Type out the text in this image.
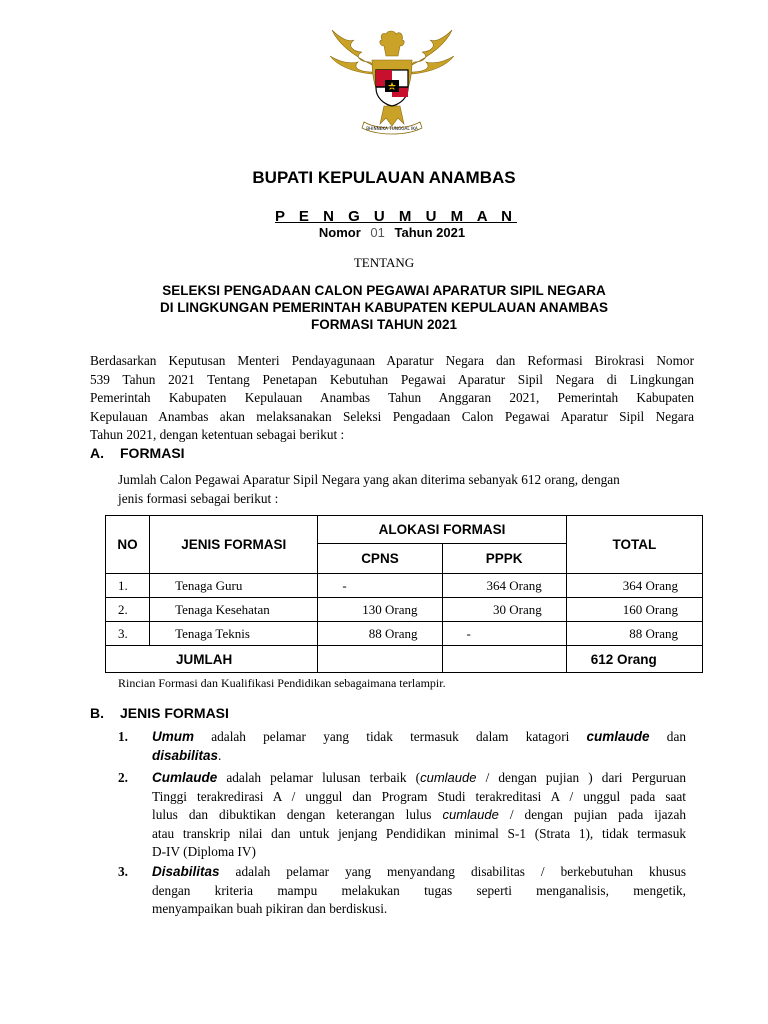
BHINNEKA TUNGGAL IKA
BUPATI KEPULAUAN ANAMBAS
P E N G U M U M A N
Nomor 01 Tahun 2021
TENTANG
SELEKSI PENGADAAN CALON PEGAWAI APARATUR SIPIL NEGARA
DI LINGKUNGAN PEMERINTAH KABUPATEN KEPULAUAN ANAMBAS
FORMASI TAHUN 2021
Berdasarkan Keputusan Menteri Pendayagunaan Aparatur Negara dan Reformasi Birokrasi Nomor
539 Tahun 2021 Tentang Penetapan Kebutuhan Pegawai Aparatur Sipil Negara di Lingkungan
Pemerintah Kabupaten Kepulauan Anambas Tahun Anggaran 2021, Pemerintah Kabupaten
Kepulauan Anambas akan melaksanakan Seleksi Pengadaan Calon Pegawai Aparatur Sipil Negara
Tahun 2021, dengan ketentuan sebagai berikut :
A. FORMASI
Jumlah Calon Pegawai Aparatur Sipil Negara yang akan diterima sebanyak 612 orang, dengan
jenis formasi sebagai berikut :
NO	JENIS FORMASI	ALOKASI FORMASI		TOTAL
		CPNS	PPPK	
1.	Tenaga Guru	-	364 Orang	364 Orang
2.	Tenaga Kesehatan	130 Orang	30 Orang	160 Orang
3.	Tenaga Teknis	88 Orang	-	88 Orang
JUMLAH				612 Orang
Rincian Formasi dan Kualifikasi Pendidikan sebagaimana terlampir.
B. JENIS FORMASI
1. Umum adalah pelamar yang tidak termasuk dalam katagori cumlaude dan
disabilitas.
2. Cumlaude adalah pelamar lulusan terbaik (cumlaude / dengan pujian ) dari Perguruan
Tinggi terakredirasi A / unggul dan Program Studi terakreditasi A / unggul pada saat
lulus dan dibuktikan dengan keterangan lulus cumlaude / dengan pujian pada ijazah
atau transkrip nilai dan untuk jenjang Pendidikan minimal S-1 (Strata 1), tidak termasuk
D-IV (Diploma IV)
3. Disabilitas adalah pelamar yang menyandang disabilitas / berkebutuhan khusus
dengan kriteria mampu melakukan tugas seperti menganalisis, mengetik,
menyampaikan buah pikiran dan berdiskusi.
